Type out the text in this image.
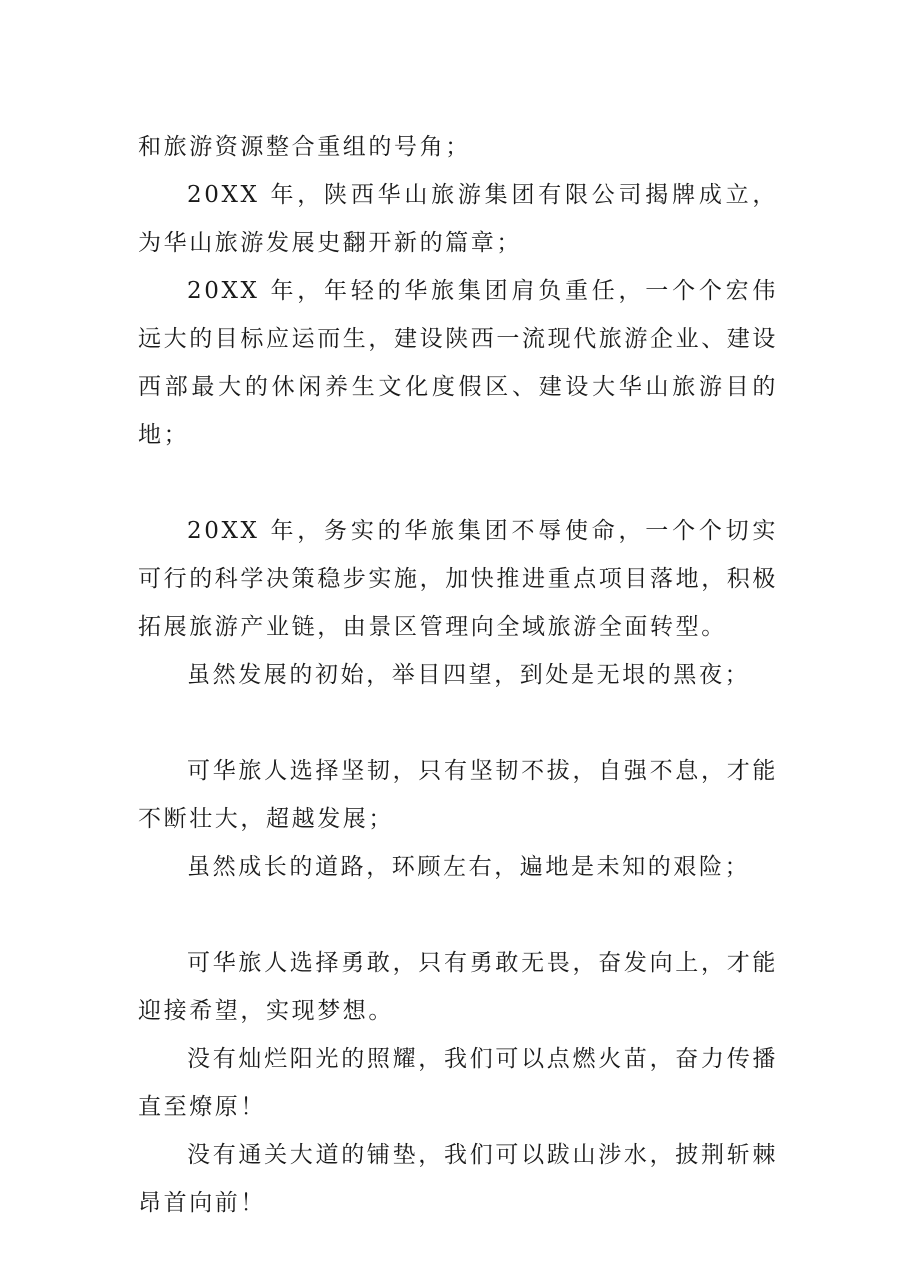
和旅游资源整合重组的号角；

20XX 年，陕西华山旅游集团有限公司揭牌成立，为华山旅游发展史翻开新的篇章；

20XX 年，年轻的华旅集团肩负重任，一个个宏伟远大的目标应运而生，建设陕西一流现代旅游企业、建设西部最大的休闲养生文化度假区、建设大华山旅游目的地；

20XX 年，务实的华旅集团不辱使命，一个个切实可行的科学决策稳步实施，加快推进重点项目落地，积极拓展旅游产业链，由景区管理向全域旅游全面转型。

虽然发展的初始，举目四望，到处是无垠的黑夜；

可华旅人选择坚韧，只有坚韧不拔，自强不息，才能不断壮大，超越发展；

虽然成长的道路，环顾左右，遍地是未知的艰险；

可华旅人选择勇敢，只有勇敢无畏，奋发向上，才能迎接希望，实现梦想。

没有灿烂阳光的照耀，我们可以点燃火苗，奋力传播直至燎原！

没有通关大道的铺垫，我们可以跋山涉水，披荆斩棘昂首向前！
